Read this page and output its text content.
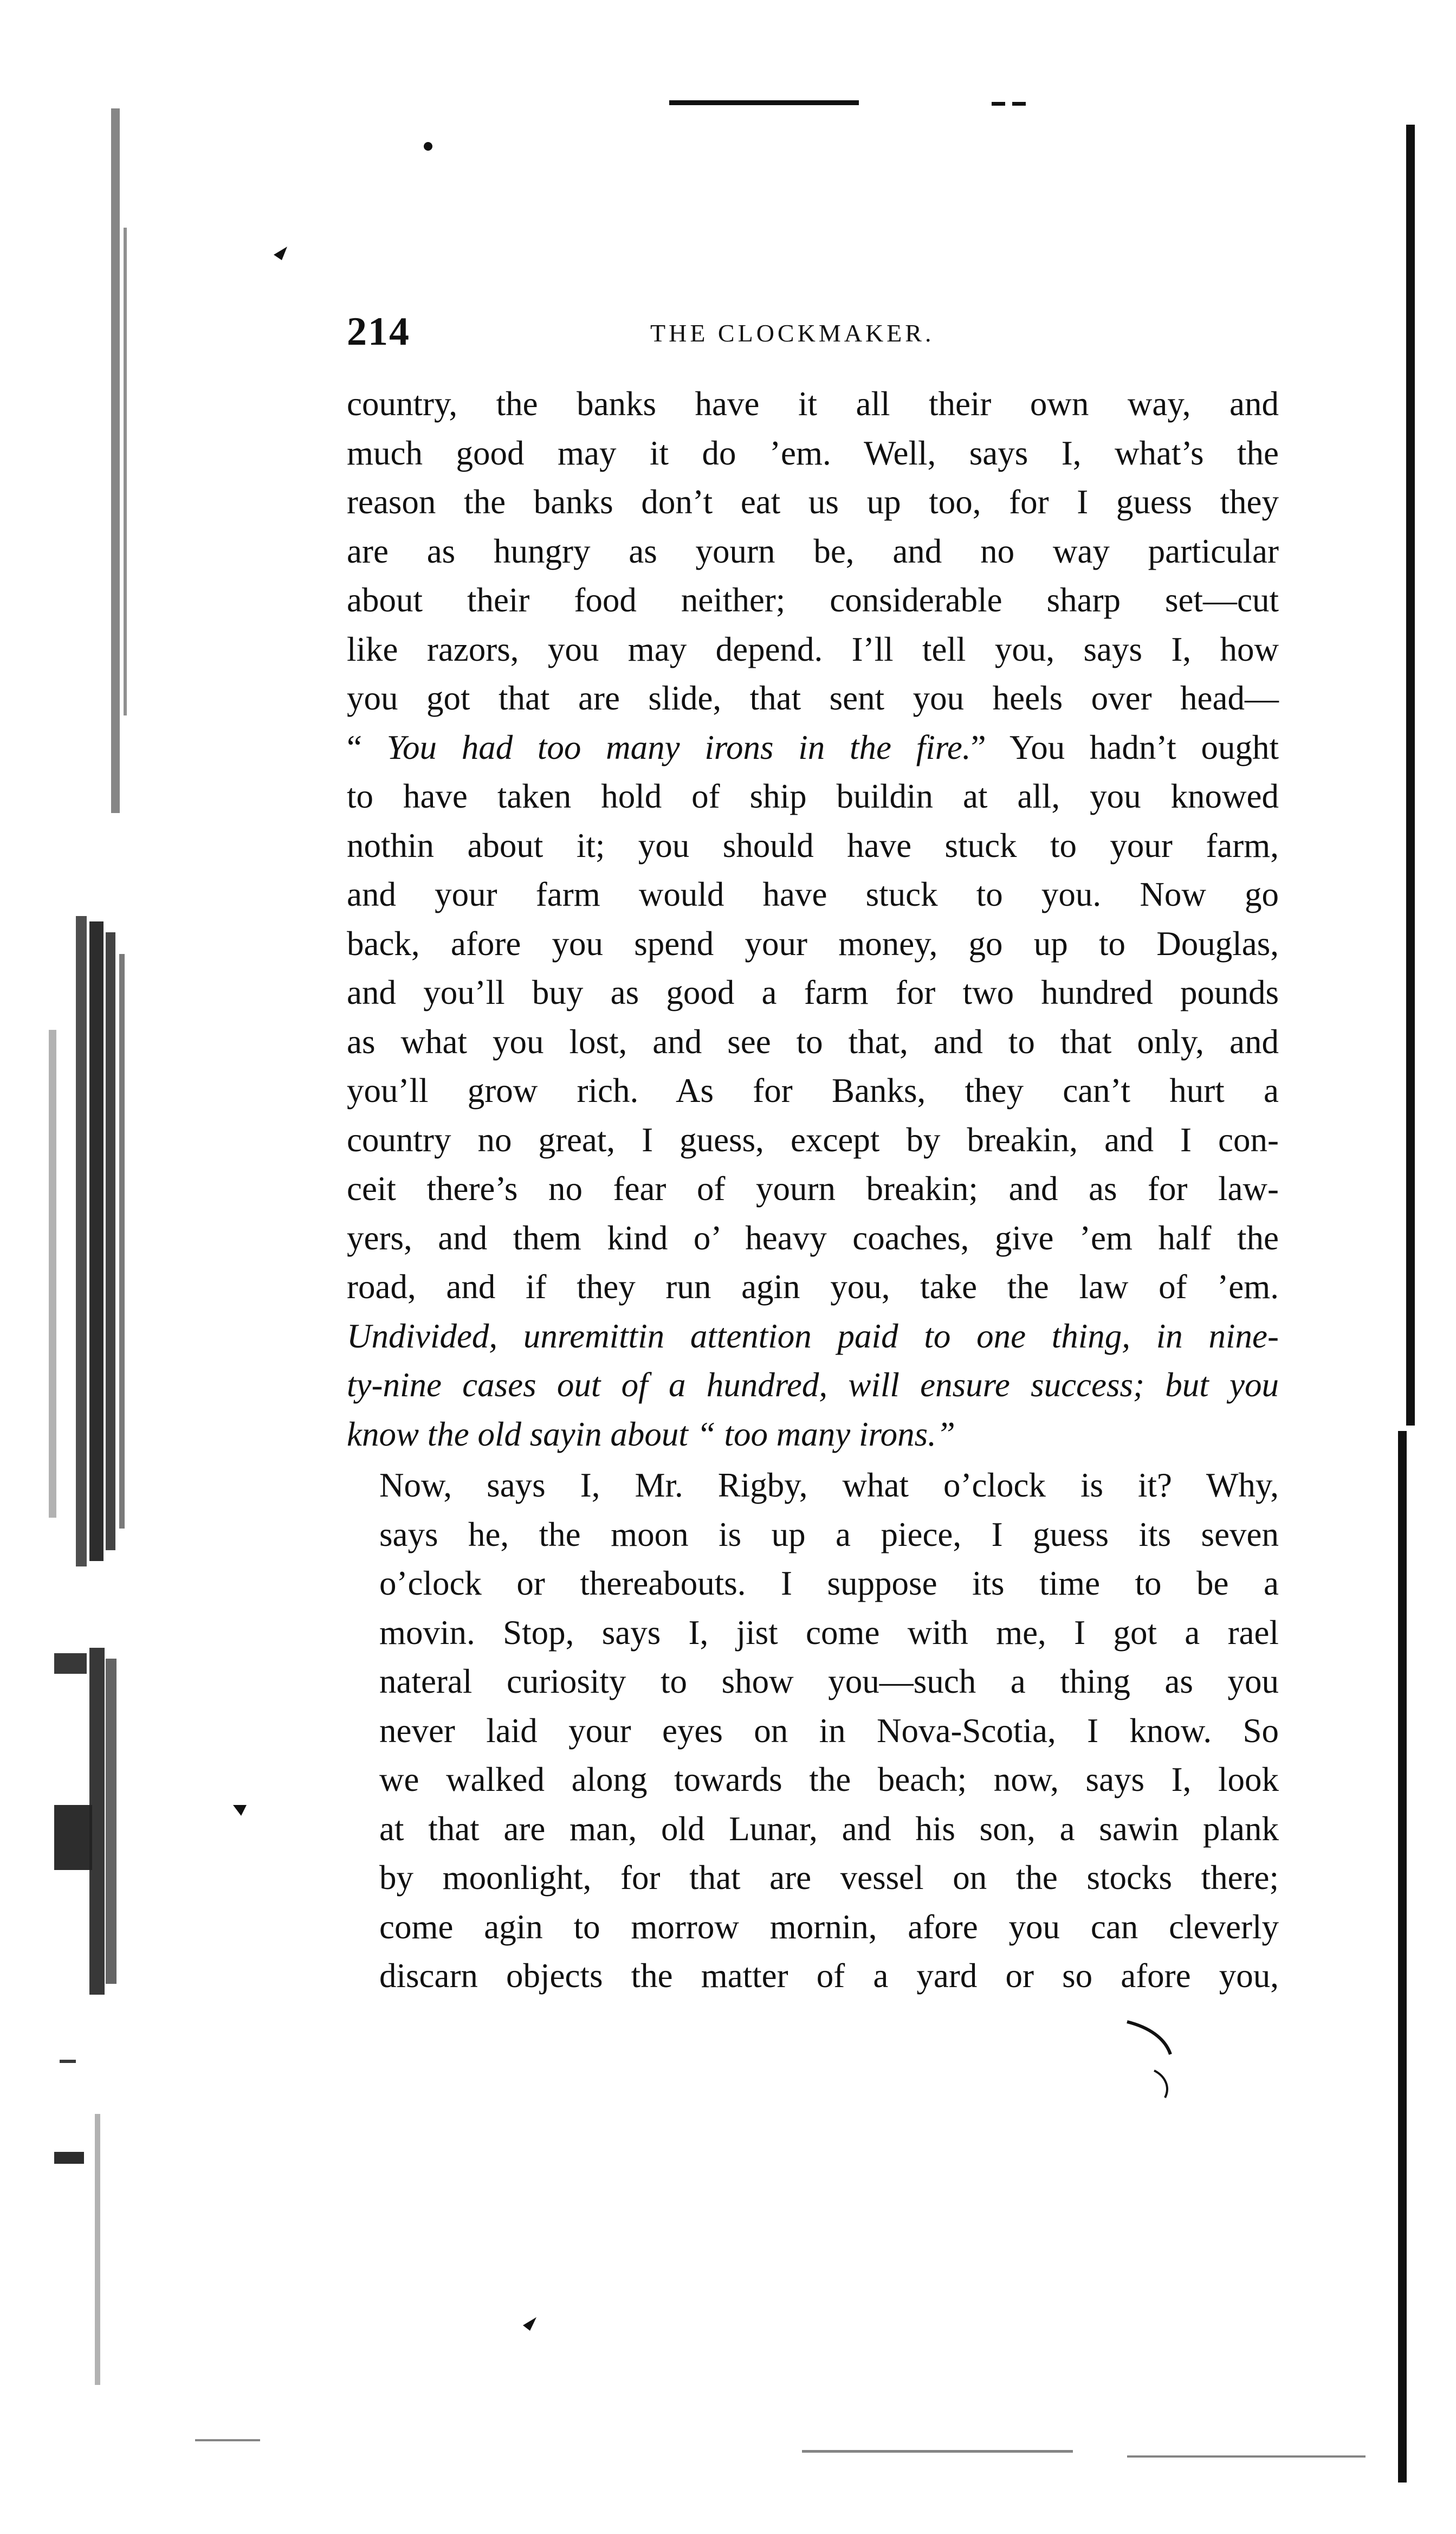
214	THE CLOCKMAKER.

country, the banks have it all their own way, and
much good may it do ’em. Well, says I, what’s the
reason the banks don’t eat us up too, for I guess they
are as hungry as yourn be, and no way particular
about their food neither; considerable sharp set—cut
like razors, you may depend. I’ll tell you, says I, how
you got that are slide, that sent you heels over head—
“ You had too many irons in the fire.” You hadn’t ought
to have taken hold of ship buildin at all, you knowed
nothin about it; you should have stuck to your farm,
and your farm would have stuck to you. Now go
back, afore you spend your money, go up to Douglas,
and you’ll buy as good a farm for two hundred pounds
as what you lost, and see to that, and to that only, and
you’ll grow rich. As for Banks, they can’t hurt a
country no great, I guess, except by breakin, and I con-
ceit there’s no fear of yourn breakin; and as for law-
yers, and them kind o’ heavy coaches, give ’em half the
road, and if they run agin you, take the law of ’em.
Undivided, unremittin attention paid to one thing, in nine-
ty-nine cases out of a hundred, will ensure success; but you
know the old sayin about “ too many irons.”

Now, says I, Mr. Rigby, what o’clock is it? Why,
says he, the moon is up a piece, I guess its seven
o’clock or thereabouts. I suppose its time to be a
movin. Stop, says I, jist come with me, I got a rael
nateral curiosity to show you—such a thing as you
never laid your eyes on in Nova-Scotia, I know. So
we walked along towards the beach; now, says I, look
at that are man, old Lunar, and his son, a sawin plank
by moonlight, for that are vessel on the stocks there;
come agin to morrow mornin, afore you can cleverly
discarn objects the matter of a yard or so afore you,
